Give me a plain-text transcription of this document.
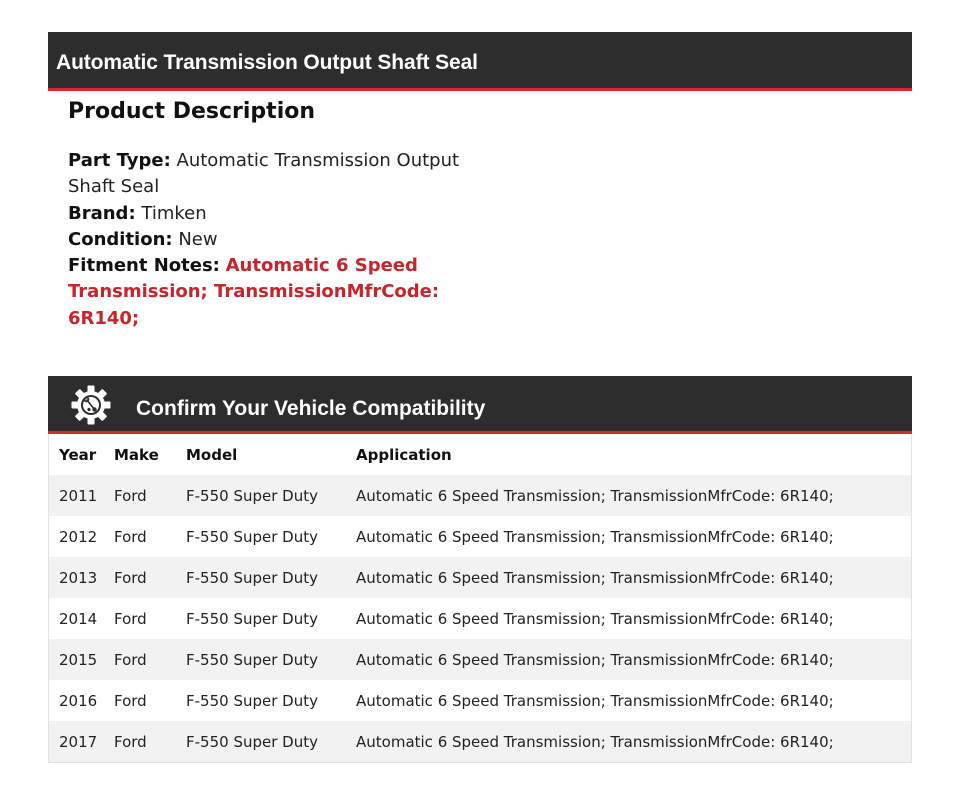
Automatic Transmission Output Shaft Seal
Product Description
Part Type: Automatic Transmission Output Shaft Seal
Brand: Timken
Condition: New
Fitment Notes: Automatic 6 Speed Transmission; TransmissionMfrCode: 6R140;
Confirm Your Vehicle Compatibility
Year	Make	Model	Application
2011	Ford	F-550 Super Duty	Automatic 6 Speed Transmission; TransmissionMfrCode: 6R140;
2012	Ford	F-550 Super Duty	Automatic 6 Speed Transmission; TransmissionMfrCode: 6R140;
2013	Ford	F-550 Super Duty	Automatic 6 Speed Transmission; TransmissionMfrCode: 6R140;
2014	Ford	F-550 Super Duty	Automatic 6 Speed Transmission; TransmissionMfrCode: 6R140;
2015	Ford	F-550 Super Duty	Automatic 6 Speed Transmission; TransmissionMfrCode: 6R140;
2016	Ford	F-550 Super Duty	Automatic 6 Speed Transmission; TransmissionMfrCode: 6R140;
2017	Ford	F-550 Super Duty	Automatic 6 Speed Transmission; TransmissionMfrCode: 6R140;
